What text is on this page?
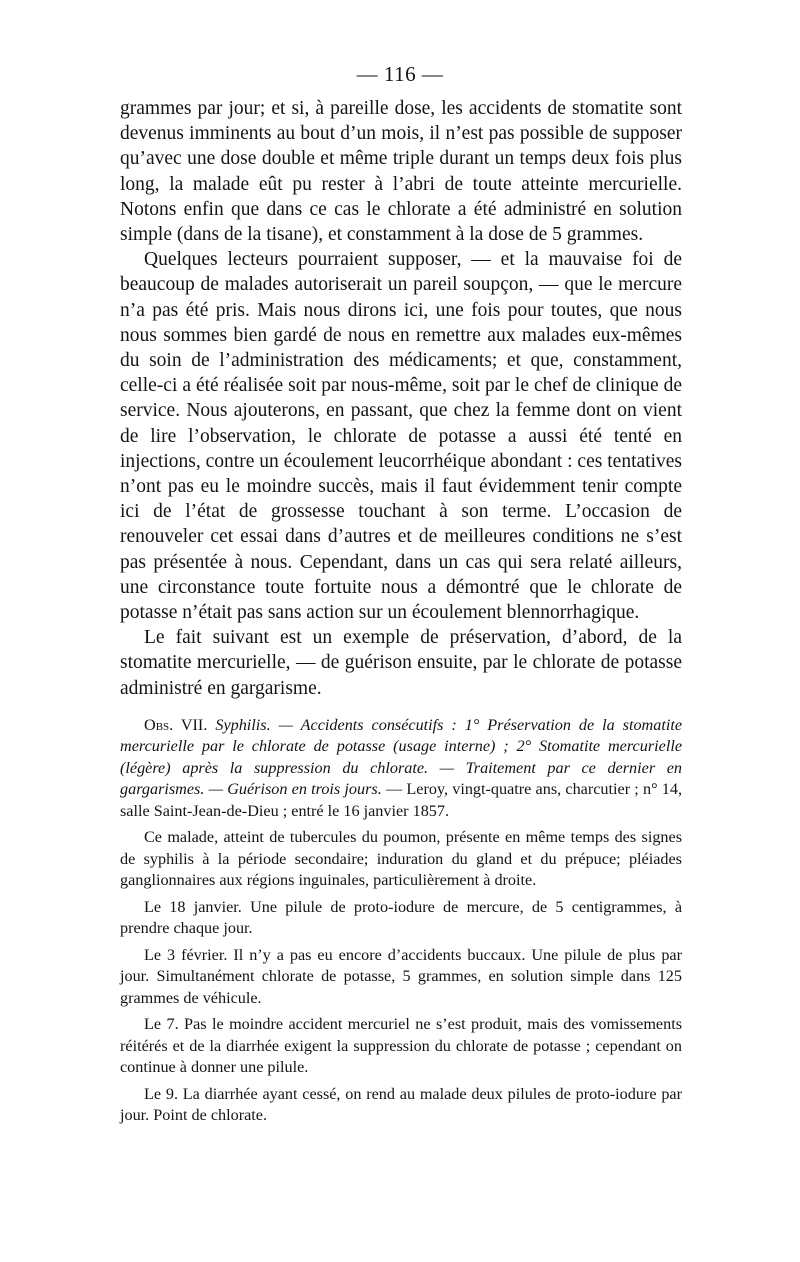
— 116 —

grammes par jour; et si, à pareille dose, les accidents de stomatite sont devenus imminents au bout d’un mois, il n’est pas possible de supposer qu’avec une dose double et même triple durant un temps deux fois plus long, la malade eût pu rester à l’abri de toute atteinte mercurielle. Notons enfin que dans ce cas le chlorate a été administré en solution simple (dans de la tisane), et constamment à la dose de 5 grammes.

Quelques lecteurs pourraient supposer, — et la mauvaise foi de beaucoup de malades autoriserait un pareil soupçon, — que le mercure n’a pas été pris. Mais nous dirons ici, une fois pour toutes, que nous nous sommes bien gardé de nous en remettre aux malades eux-mêmes du soin de l’administration des médicaments; et que, constamment, celle-ci a été réalisée soit par nous-même, soit par le chef de clinique de service. Nous ajouterons, en passant, que chez la femme dont on vient de lire l’observation, le chlorate de potasse a aussi été tenté en injections, contre un écoulement leucorrhéique abondant : ces tentatives n’ont pas eu le moindre succès, mais il faut évidemment tenir compte ici de l’état de grossesse touchant à son terme. L’occasion de renouveler cet essai dans d’autres et de meilleures conditions ne s’est pas présentée à nous. Cependant, dans un cas qui sera relaté ailleurs, une circonstance toute fortuite nous a démontré que le chlorate de potasse n’était pas sans action sur un écoulement blennorrhagique.

Le fait suivant est un exemple de préservation, d’abord, de la stomatite mercurielle, — de guérison ensuite, par le chlorate de potasse administré en gargarisme.

Obs. VII. Syphilis. — Accidents consécutifs : 1° Préservation de la stomatite mercurielle par le chlorate de potasse (usage interne) ; 2° Stomatite mercurielle (légère) après la suppression du chlorate. — Traitement par ce dernier en gargarismes. — Guérison en trois jours. — Leroy, vingt-quatre ans, charcutier ; n° 14, salle Saint-Jean-de-Dieu ; entré le 16 janvier 1857.

Ce malade, atteint de tubercules du poumon, présente en même temps des signes de syphilis à la période secondaire; induration du gland et du prépuce; pléiades ganglionnaires aux régions inguinales, particulièrement à droite.

Le 18 janvier. Une pilule de proto-iodure de mercure, de 5 centigrammes, à prendre chaque jour.

Le 3 février. Il n’y a pas eu encore d’accidents buccaux. Une pilule de plus par jour. Simultanément chlorate de potasse, 5 grammes, en solution simple dans 125 grammes de véhicule.

Le 7. Pas le moindre accident mercuriel ne s’est produit, mais des vomissements réitérés et de la diarrhée exigent la suppression du chlorate de potasse ; cependant on continue à donner une pilule.

Le 9. La diarrhée ayant cessé, on rend au malade deux pilules de proto-iodure par jour. Point de chlorate.
